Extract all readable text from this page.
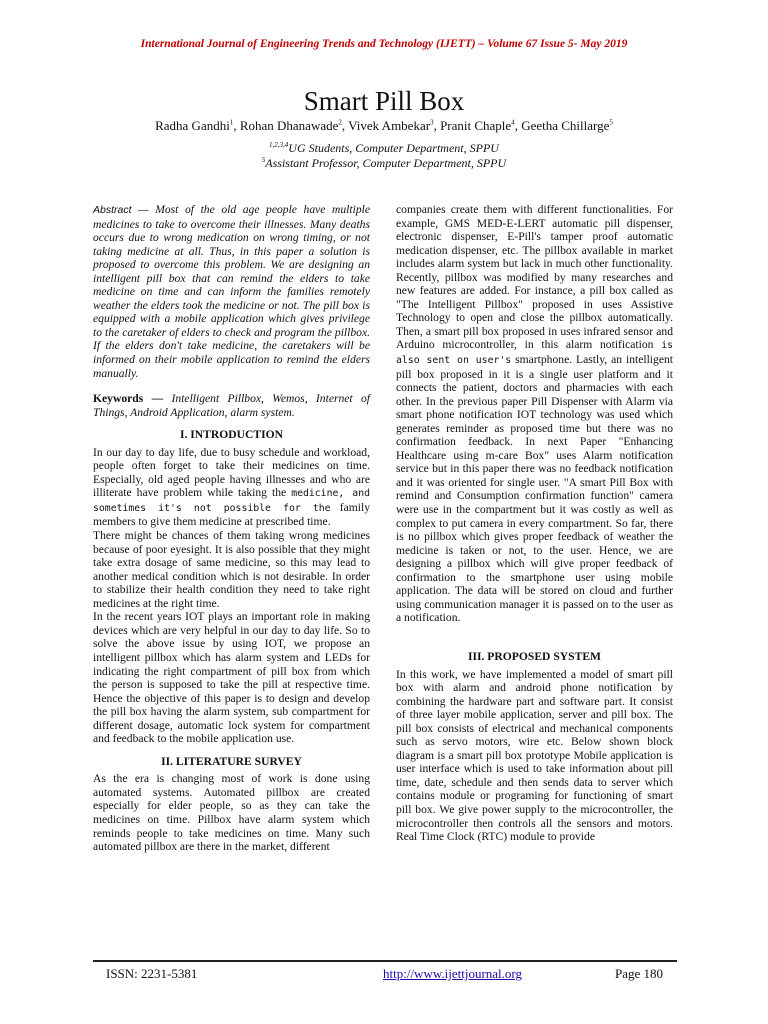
International Journal of Engineering Trends and Technology (IJETT) – Volume 67 Issue 5- May 2019
Smart Pill Box
Radha Gandhi$^1$, Rohan Dhanawade$^2$, Vivek Ambekar$^3$, Pranit Chaple$^4$, Geetha Chillarge$^5$
$^{1,2,3,4}$UG Students, Computer Department, SPPU
$^5$Assistant Professor, Computer Department, SPPU

Abstract — Most of the old age people have multiple medicines to take to overcome their illnesses. Many deaths occurs due to wrong medication on wrong timing, or not taking medicine at all. Thus, in this paper a solution is proposed to overcome this problem. We are designing an intelligent pill box that can remind the elders to take medicine on time and can inform the families remotely weather the elders took the medicine or not. The pill box is equipped with a mobile application which gives privilege to the caretaker of elders to check and program the pillbox. If the elders don't take medicine, the caretakers will be informed on their mobile application to remind the elders manually.

Keywords — Intelligent Pillbox, Wemos, Internet of Things, Android Application, alarm system.

I. INTRODUCTION

In our day to day life, due to busy schedule and workload, people often forget to take their medicines on time. Especially, old aged people having illnesses and who are illiterate have problem while taking the medicine, and sometimes it's not possible for the family members to give them medicine at prescribed time.

There might be chances of them taking wrong medicines because of poor eyesight. It is also possible that they might take extra dosage of same medicine, so this may lead to another medical condition which is not desirable. In order to stabilize their health condition they need to take right medicines at the right time.

In the recent years IOT plays an important role in making devices which are very helpful in our day to day life. So to solve the above issue by using IOT, we propose an intelligent pillbox which has alarm system and LEDs for indicating the right compartment of pill box from which the person is supposed to take the pill at respective time. Hence the objective of this paper is to design and develop the pill box having the alarm system, sub compartment for different dosage, automatic lock system for compartment and feedback to the mobile application use.

II. LITERATURE SURVEY

As the era is changing most of work is done using automated systems. Automated pillbox are created especially for elder people, so as they can take the medicines on time. Pillbox have alarm system which reminds people to take medicines on time. Many such automated pillbox are there in the market, different

companies create them with different functionalities. For example, GMS MED-E-LERT automatic pill dispenser, electronic dispenser, E-Pill's tamper proof automatic medication dispenser, etc. The pillbox available in market includes alarm system but lack in much other functionality. Recently, pillbox was modified by many researches and new features are added. For instance, a pill box called as "The Intelligent Pillbox" proposed in uses Assistive Technology to open and close the pillbox automatically. Then, a smart pill box proposed in uses infrared sensor and Arduino microcontroller, in this alarm notification is also sent on user's smartphone. Lastly, an intelligent pill box proposed in it is a single user platform and it connects the patient, doctors and pharmacies with each other. In the previous paper Pill Dispenser with Alarm via smart phone notification IOT technology was used which generates reminder as proposed time but there was no confirmation feedback. In next Paper "Enhancing Healthcare using m-care Box" uses Alarm notification service but in this paper there was no feedback notification and it was oriented for single user. "A smart Pill Box with remind and Consumption confirmation function" camera were use in the compartment but it was costly as well as complex to put camera in every compartment. So far, there is no pillbox which gives proper feedback of weather the medicine is taken or not, to the user. Hence, we are designing a pillbox which will give proper feedback of confirmation to the smartphone user using mobile application. The data will be stored on cloud and further using communication manager it is passed on to the user as a notification.

III. PROPOSED SYSTEM

In this work, we have implemented a model of smart pill box with alarm and android phone notification by combining the hardware part and software part. It consist of three layer mobile application, server and pill box. The pill box consists of electrical and mechanical components such as servo motors, wire etc. Below shown block diagram is a smart pill box prototype Mobile application is user interface which is used to take information about pill time, date, schedule and then sends data to server which contains module or programing for functioning of smart pill box. We give power supply to the microcontroller, the microcontroller then controls all the sensors and motors. Real Time Clock (RTC) module to provide

ISSN: 2231-5381	http://www.ijettjournal.org	Page 180
